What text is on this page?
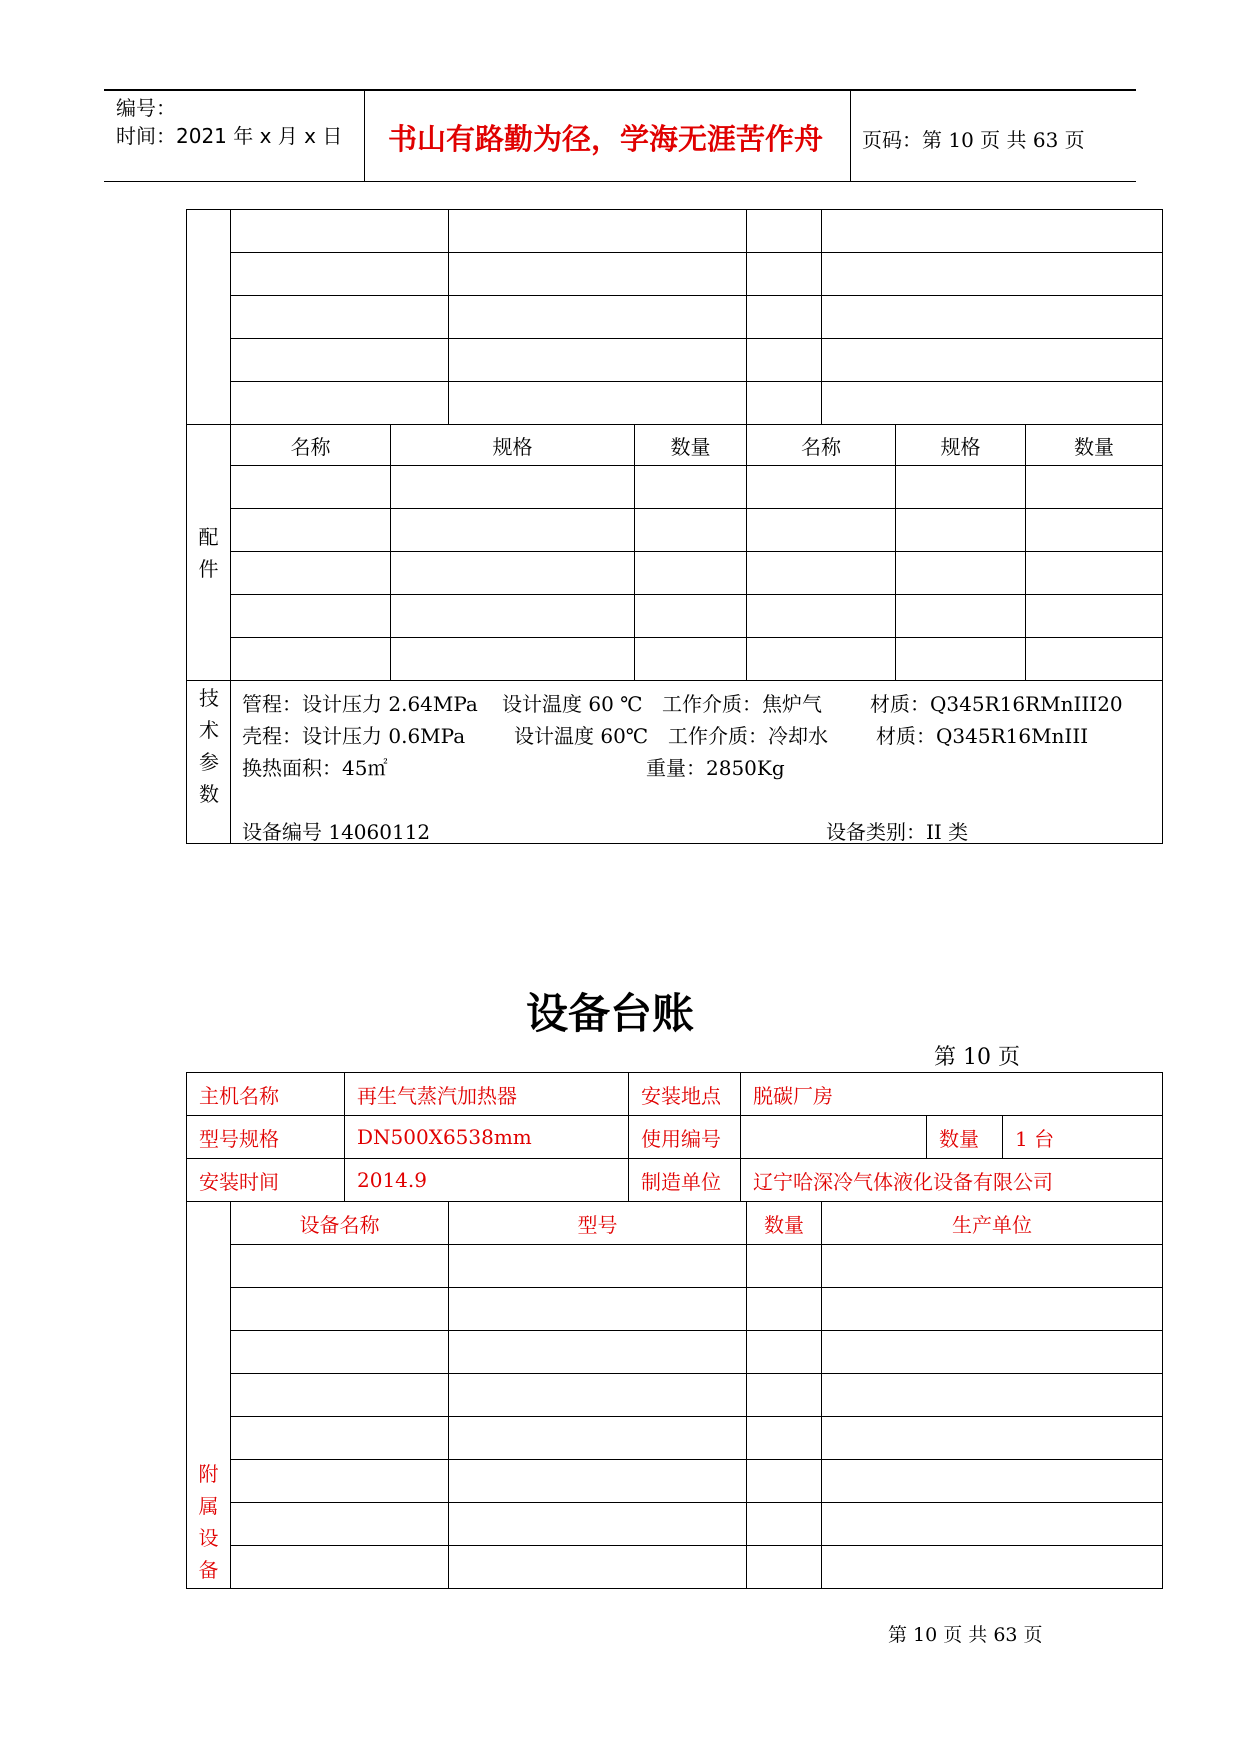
编号：
时间：2021 年 x 月 x 日 书山有路勤为径，学海无涯苦作舟 页码：第 10 页 共 63 页

配
件	名称	规格	数量	名称	规格	数量

技
术
参
数
管程：设计压力 2.64MPa 设计温度 60 ℃ 工作介质：焦炉气 材质：Q345R16RMnIII20
壳程：设计压力 0.6MPa 设计温度 60℃ 工作介质：冷却水 材质：Q345R16MnIII
换热面积：45㎡	重量：2850Kg
设备编号 14060112	设备类别：II 类
设备台账
第 10 页
主机名称	再生气蒸汽加热器	安装地点	脱碳厂房		
型号规格	DN500X6538mm	使用编号		数量	1 台
安装时间	2014.9	制造单位	辽宁哈深冷气体液化设备有限公司		
附
属
设
备	设备名称	型号	数量	生产单位

第 10 页 共 63 页
